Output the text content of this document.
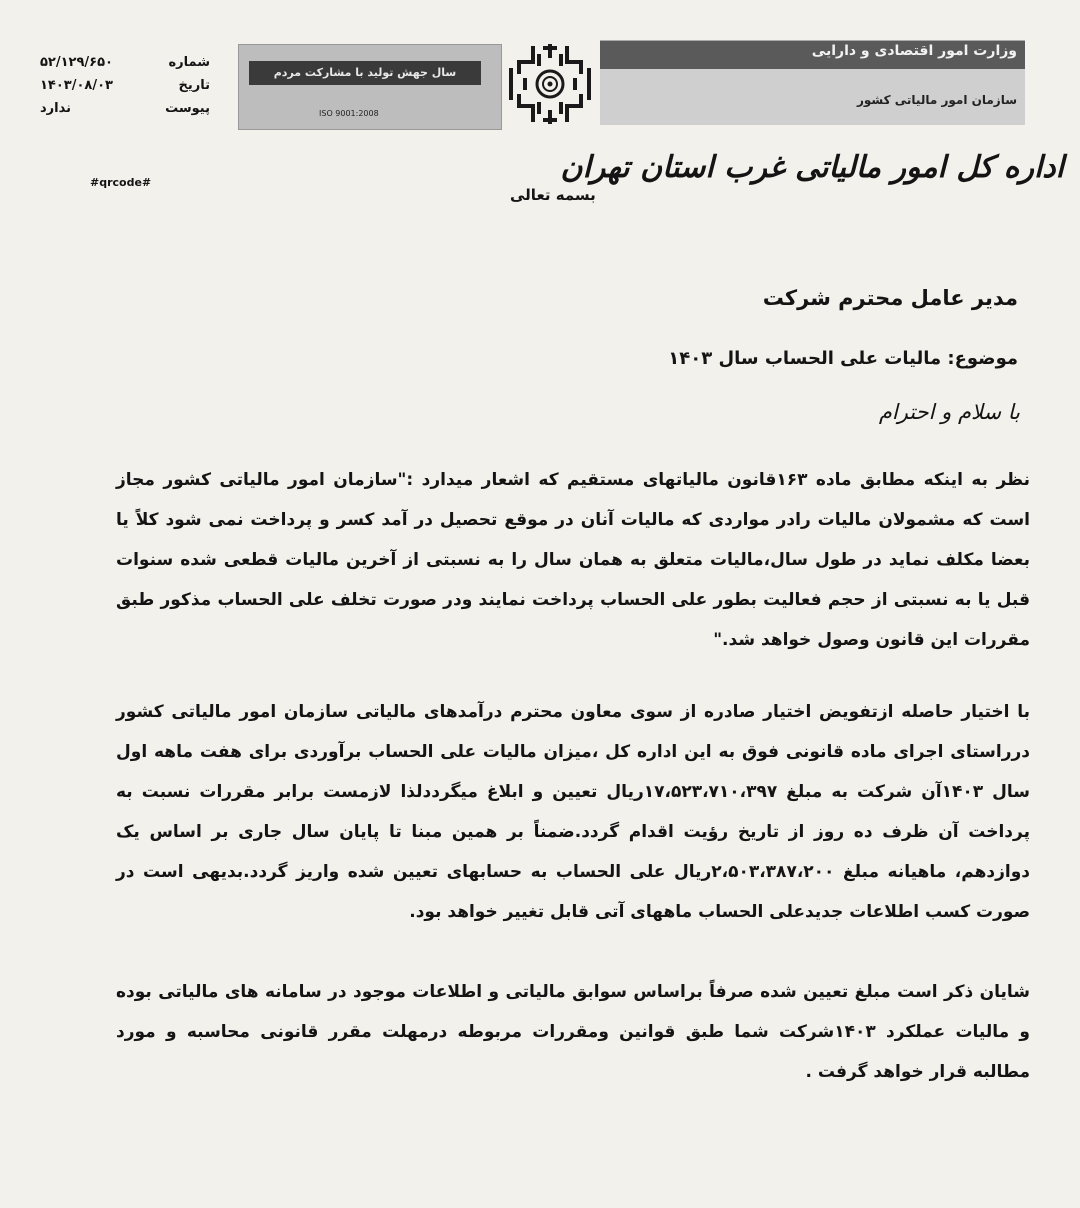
شماره
۵۲/۱۲۹/۶۵۰
تاریخ
۱۴۰۳/۰۸/۰۳
پیوست
ندارد
#qrcode#
سال جهش تولید با مشارکت مردم
ISO 9001:2008
وزارت امور اقتصادی و دارایی
سازمان امور مالیاتی کشور
اداره کل امور مالیاتی غرب استان تهران
بسمه تعالی
مدیر عامل محترم شرکت
موضوع: مالیات علی الحساب سال ۱۴۰۳
با سلام و احترام
نظر به اینکه مطابق ماده ۱۶۳قانون مالیاتهای مستقیم که اشعار میدارد :"سازمان امور مالیاتی کشور مجاز است که مشمولان مالیات رادر مواردی که مالیات آنان در موقع تحصیل در آمد کسر و پرداخت نمی شود کلاً یا بعضا مکلف نماید در طول سال،مالیات متعلق به همان سال را به نسبتی از آخرین مالیات قطعی شده سنوات قبل یا به نسبتی از حجم فعالیت بطور علی الحساب پرداخت نمایند ودر صورت تخلف علی الحساب مذکور طبق مقررات این قانون وصول خواهد شد."
با اختیار حاصله ازتفویض اختیار صادره از سوی معاون محترم درآمدهای مالیاتی سازمان امور مالیاتی کشور درراستای اجرای ماده قانونی فوق به این اداره کل ،میزان مالیات علی الحساب برآوردی برای هفت ماهه اول سال ۱۴۰۳آن شرکت به مبلغ ۱۷،۵۲۳،۷۱۰،۳۹۷ریال تعیین و ابلاغ میگرددلذا لازمست برابر مقررات نسبت به پرداخت آن ظرف ده روز از تاریخ رؤیت اقدام گردد.ضمناً بر همین مبنا تا پایان سال جاری بر اساس یک دوازدهم، ماهیانه مبلغ ۲،۵۰۳،۳۸۷،۲۰۰ریال علی الحساب به حسابهای تعیین شده واریز گردد.بدیهی است در صورت کسب اطلاعات جدیدعلی الحساب ماههای آتی قابل تغییر خواهد بود.
شایان ذکر است مبلغ تعیین شده صرفاً براساس سوابق مالیاتی و اطلاعات موجود در سامانه های مالیاتی بوده و مالیات عملکرد ۱۴۰۳شرکت شما طبق قوانین ومقررات مربوطه درمهلت مقرر قانونی محاسبه و مورد مطالبه قرار خواهد گرفت .
